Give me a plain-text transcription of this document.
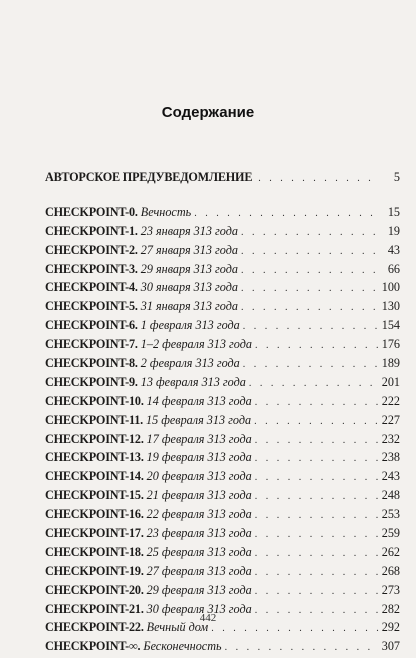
Содержание
АВТОРСКОЕ ПРЕДУВЕДОМЛЕНИЕ . . .	5
CHECKPOINT-0. Вечность . . .	15
CHECKPOINT-1. 23 января 313 года . . .	19
CHECKPOINT-2. 27 января 313 года . . .	43
CHECKPOINT-3. 29 января 313 года . . .	66
CHECKPOINT-4. 30 января 313 года . . .	100
CHECKPOINT-5. 31 января 313 года . . .	130
CHECKPOINT-6. 1 февраля 313 года . . .	154
CHECKPOINT-7. 1–2 февраля 313 года . . .	176
CHECKPOINT-8. 2 февраля 313 года . . .	189
CHECKPOINT-9. 13 февраля 313 года . . .	201
CHECKPOINT-10. 14 февраля 313 года . . .	222
CHECKPOINT-11. 15 февраля 313 года . . .	227
CHECKPOINT-12. 17 февраля 313 года . . .	232
CHECKPOINT-13. 19 февраля 313 года . . .	238
CHECKPOINT-14. 20 февраля 313 года . . .	243
CHECKPOINT-15. 21 февраля 313 года . . .	248
CHECKPOINT-16. 22 февраля 313 года . . .	253
CHECKPOINT-17. 23 февраля 313 года . . .	259
CHECKPOINT-18. 25 февраля 313 года . . .	262
CHECKPOINT-19. 27 февраля 313 года . . .	268
CHECKPOINT-20. 29 февраля 313 года . . .	273
CHECKPOINT-21. 30 февраля 313 года . . .	282
CHECKPOINT-22. Вечный дом . . .	292
CHECKPOINT-∞. Бесконечность . . .	307
442
